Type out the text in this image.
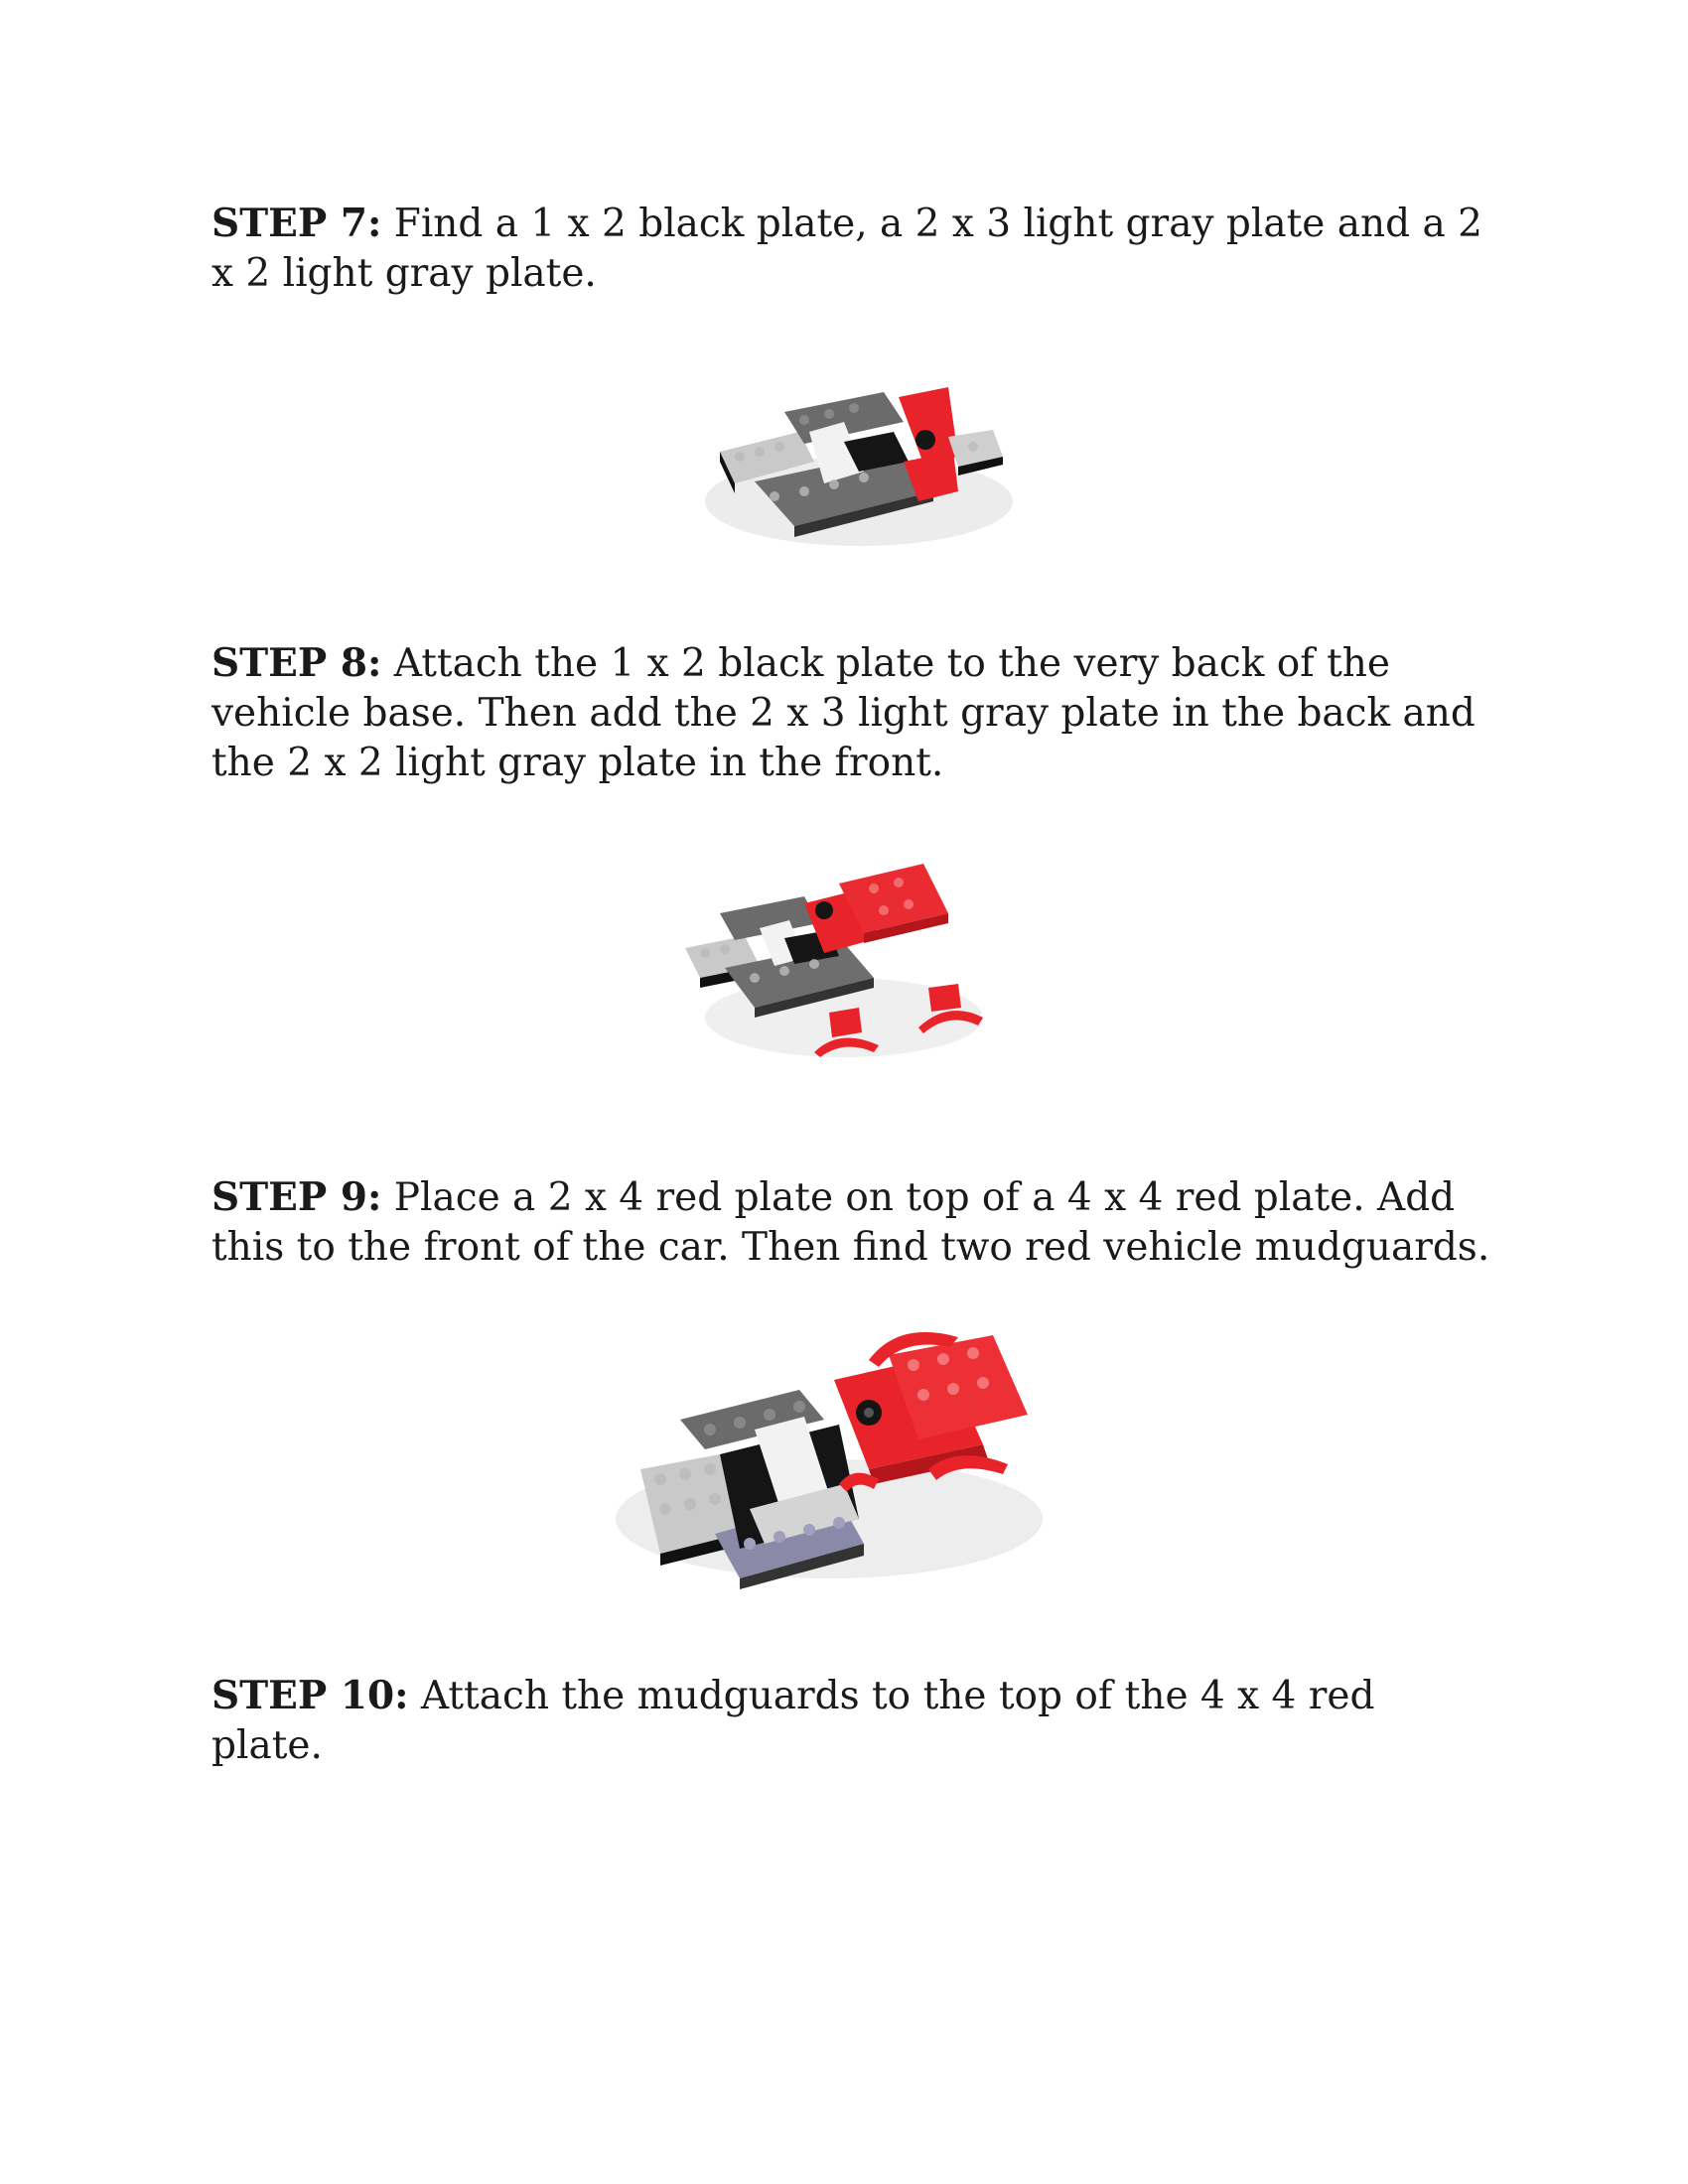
STEP 7: Find a 1 x 2 black plate, a 2 x 3 light gray plate and a 2 x 2 light gray plate.

STEP 8: Attach the 1 x 2 black plate to the very back of the vehicle base. Then add the 2 x 3 light gray plate in the back and the 2 x 2 light gray plate in the front.

STEP 9: Place a 2 x 4 red plate on top of a 4 x 4 red plate. Add this to the front of the car. Then find two red vehicle mudguards.

STEP 10: Attach the mudguards to the top of the 4 x 4 red plate.
